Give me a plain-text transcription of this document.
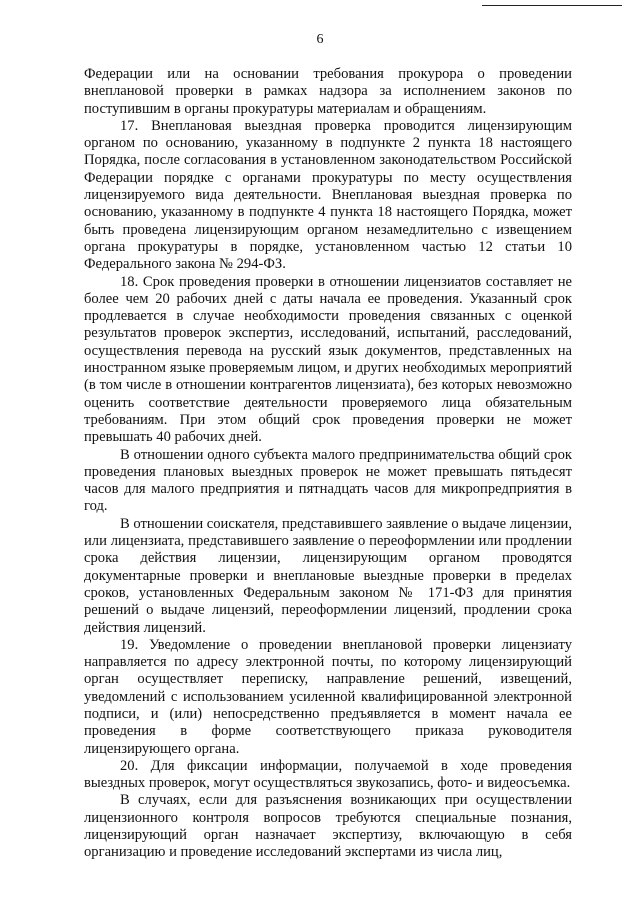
6

Федерации или на основании требования прокурора о проведении внеплановой проверки в рамках надзора за исполнением законов по поступившим в органы прокуратуры материалам и обращениям.

17. Внеплановая выездная проверка проводится лицензирующим органом по основанию, указанному в подпункте 2 пункта 18 настоящего Порядка, после согласования в установленном законодательством Российской Федерации порядке с органами прокуратуры по месту осуществления лицензируемого вида деятельности. Внеплановая выездная проверка по основанию, указанному в подпункте 4 пункта 18 настоящего Порядка, может быть проведена лицензирующим органом незамедлительно с извещением органа прокуратуры в порядке, установленном частью 12 статьи 10 Федерального закона № 294-ФЗ.

18. Срок проведения проверки в отношении лицензиатов составляет не более чем 20 рабочих дней с даты начала ее проведения. Указанный срок продлевается в случае необходимости проведения связанных с оценкой результатов проверок экспертиз, исследований, испытаний, расследований, осуществления перевода на русский язык документов, представленных на иностранном языке проверяемым лицом, и других необходимых мероприятий (в том числе в отношении контрагентов лицензиата), без которых невозможно оценить соответствие деятельности проверяемого лица обязательным требованиям. При этом общий срок проведения проверки не может превышать 40 рабочих дней.

В отношении одного субъекта малого предпринимательства общий срок проведения плановых выездных проверок не может превышать пятьдесят часов для малого предприятия и пятнадцать часов для микропредприятия в год.

В отношении соискателя, представившего заявление о выдаче лицензии, или лицензиата, представившего заявление о переоформлении или продлении срока действия лицензии, лицензирующим органом проводятся документарные проверки и внеплановые выездные проверки в пределах сроков, установленных Федеральным законом № 171-ФЗ для принятия решений о выдаче лицензий, переоформлении лицензий, продлении срока действия лицензий.

19. Уведомление о проведении внеплановой проверки лицензиату направляется по адресу электронной почты, по которому лицензирующий орган осуществляет переписку, направление решений, извещений, уведомлений с использованием усиленной квалифицированной электронной подписи, и (или) непосредственно предъявляется в момент начала ее проведения в форме соответствующего приказа руководителя лицензирующего органа.

20. Для фиксации информации, получаемой в ходе проведения выездных проверок, могут осуществляться звукозапись, фото- и видеосъемка.

В случаях, если для разъяснения возникающих при осуществлении лицензионного контроля вопросов требуются специальные познания, лицензирующий орган назначает экспертизу, включающую в себя организацию и проведение исследований экспертами из числа лиц,
